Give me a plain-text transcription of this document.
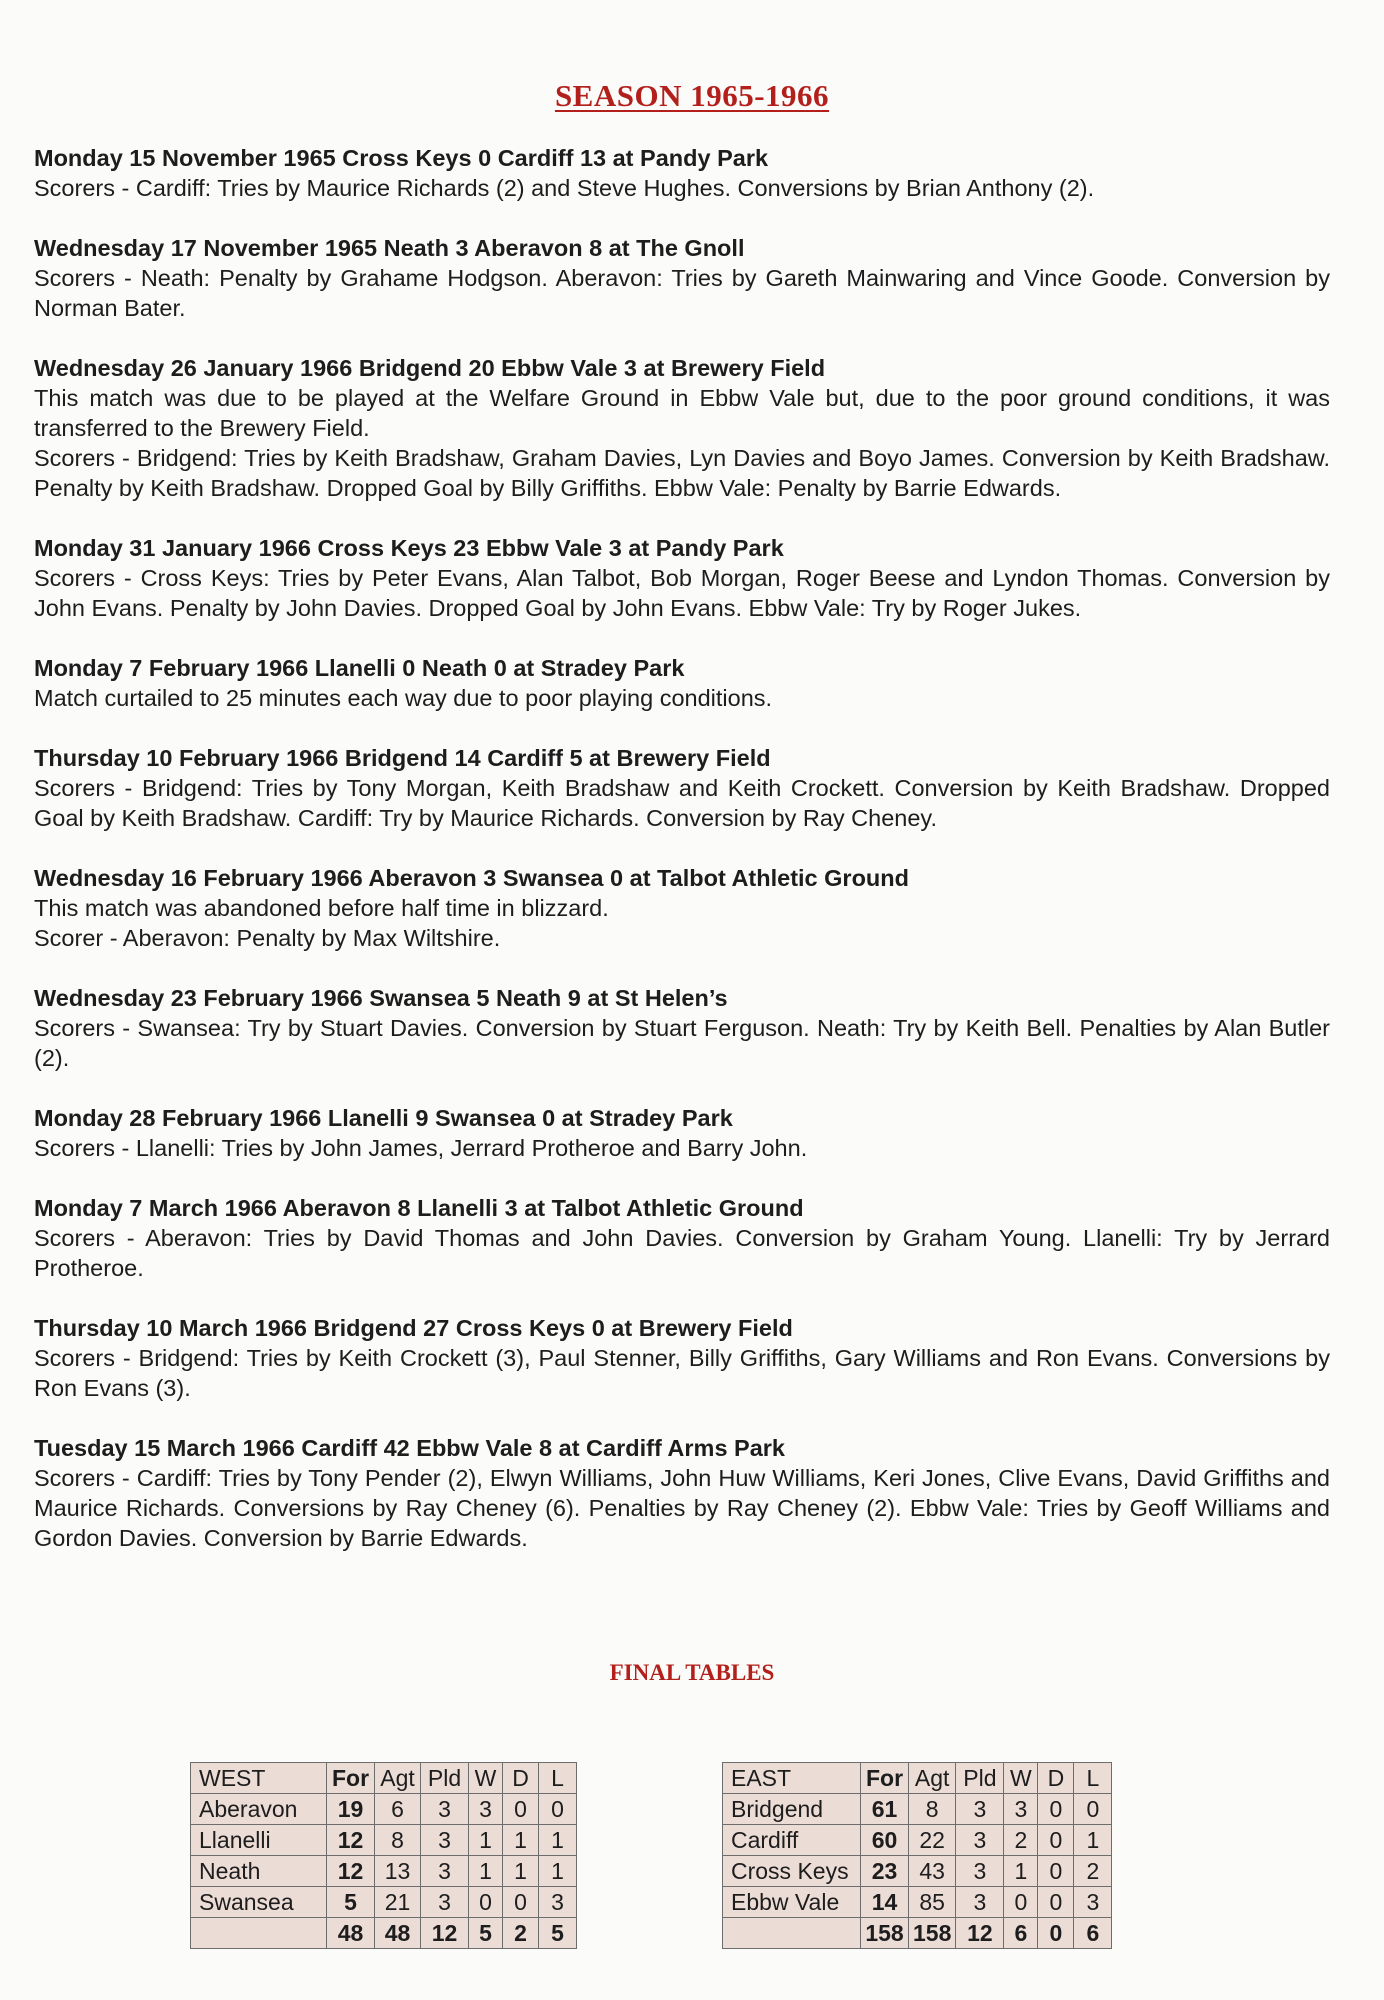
SEASON 1965-1966
Monday 15 November 1965 Cross Keys 0 Cardiff 13 at Pandy Park
Scorers - Cardiff: Tries by Maurice Richards (2) and Steve Hughes. Conversions by Brian Anthony (2).
Wednesday 17 November 1965 Neath 3 Aberavon 8 at The Gnoll
Scorers - Neath: Penalty by Grahame Hodgson. Aberavon: Tries by Gareth Mainwaring and Vince Goode. Conversion by Norman Bater.
Wednesday 26 January 1966 Bridgend 20 Ebbw Vale 3 at Brewery Field
This match was due to be played at the Welfare Ground in Ebbw Vale but, due to the poor ground conditions, it was transferred to the Brewery Field.
Scorers - Bridgend: Tries by Keith Bradshaw, Graham Davies, Lyn Davies and Boyo James. Conversion by Keith Bradshaw. Penalty by Keith Bradshaw. Dropped Goal by Billy Griffiths. Ebbw Vale: Penalty by Barrie Edwards.
Monday 31 January 1966 Cross Keys 23 Ebbw Vale 3 at Pandy Park
Scorers - Cross Keys: Tries by Peter Evans, Alan Talbot, Bob Morgan, Roger Beese and Lyndon Thomas. Conversion by John Evans. Penalty by John Davies. Dropped Goal by John Evans. Ebbw Vale: Try by Roger Jukes.
Monday 7 February 1966 Llanelli 0 Neath 0 at Stradey Park
Match curtailed to 25 minutes each way due to poor playing conditions.
Thursday 10 February 1966 Bridgend 14 Cardiff 5 at Brewery Field
Scorers - Bridgend: Tries by Tony Morgan, Keith Bradshaw and Keith Crockett. Conversion by Keith Bradshaw. Dropped Goal by Keith Bradshaw. Cardiff: Try by Maurice Richards. Conversion by Ray Cheney.
Wednesday 16 February 1966 Aberavon 3 Swansea 0 at Talbot Athletic Ground
This match was abandoned before half time in blizzard.
Scorer - Aberavon: Penalty by Max Wiltshire.
Wednesday 23 February 1966 Swansea 5 Neath 9 at St Helen’s
Scorers - Swansea: Try by Stuart Davies. Conversion by Stuart Ferguson. Neath: Try by Keith Bell. Penalties by Alan Butler (2).
Monday 28 February 1966 Llanelli 9 Swansea 0 at Stradey Park
Scorers - Llanelli: Tries by John James, Jerrard Protheroe and Barry John.
Monday 7 March 1966 Aberavon 8 Llanelli 3 at Talbot Athletic Ground
Scorers - Aberavon: Tries by David Thomas and John Davies. Conversion by Graham Young. Llanelli: Try by Jerrard Protheroe.
Thursday 10 March 1966 Bridgend 27 Cross Keys 0 at Brewery Field
Scorers - Bridgend: Tries by Keith Crockett (3), Paul Stenner, Billy Griffiths, Gary Williams and Ron Evans. Conversions by Ron Evans (3).
Tuesday 15 March 1966 Cardiff 42 Ebbw Vale 8 at Cardiff Arms Park
Scorers - Cardiff: Tries by Tony Pender (2), Elwyn Williams, John Huw Williams, Keri Jones, Clive Evans, David Griffiths and Maurice Richards. Conversions by Ray Cheney (6). Penalties by Ray Cheney (2). Ebbw Vale: Tries by Geoff Williams and Gordon Davies. Conversion by Barrie Edwards.
FINAL TABLES
WEST	For	Agt	Pld	W	D	L
Aberavon	19	6	3	3	0	0
Llanelli	12	8	3	1	1	1
Neath	12	13	3	1	1	1
Swansea	5	21	3	0	0	3
	48	48	12	5	2	5
EAST	For	Agt	Pld	W	D	L
Bridgend	61	8	3	3	0	0
Cardiff	60	22	3	2	0	1
Cross Keys	23	43	3	1	0	2
Ebbw Vale	14	85	3	0	0	3
	158	158	12	6	0	6
